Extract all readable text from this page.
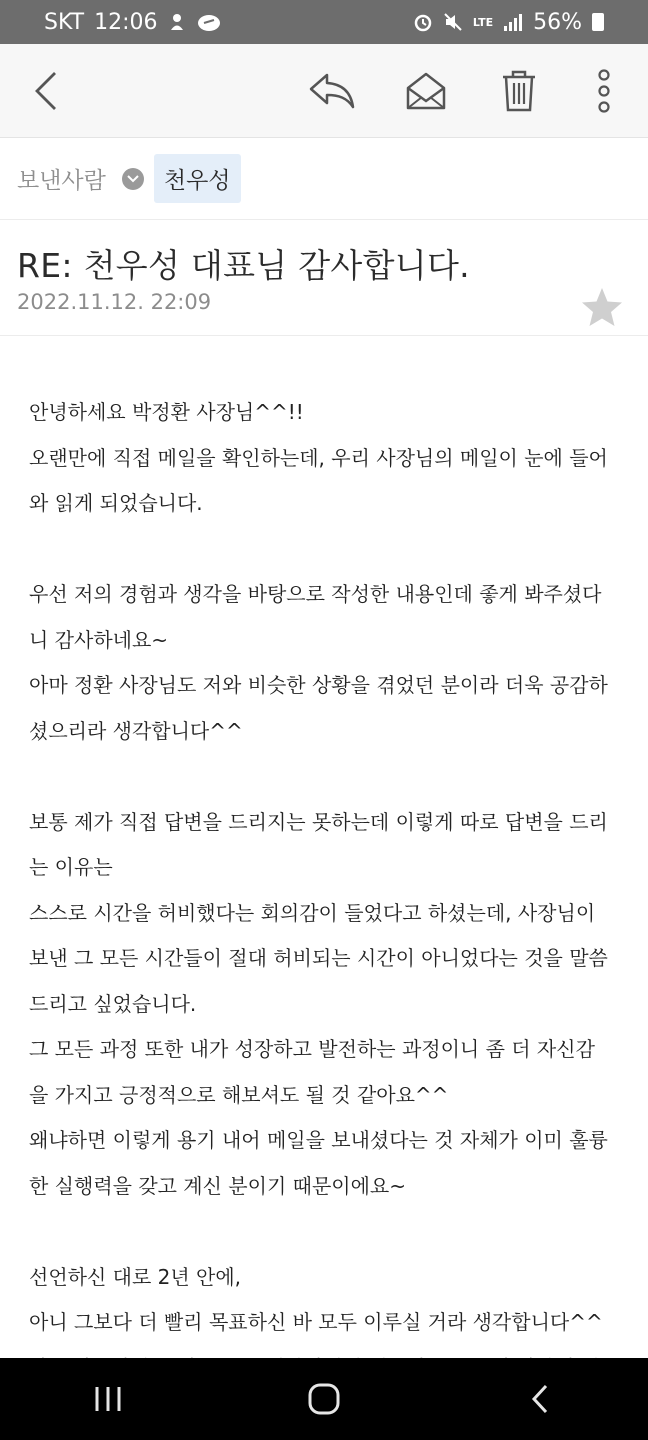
SKT 12:06	LTE 56%
보낸사람	천우성
RE: 천우성 대표님 감사합니다.
2022.11.12. 22:09

안녕하세요 박정환 사장님^^!!

오랜만에 직접 메일을 확인하는데, 우리 사장님의 메일이 눈에 들어

와 읽게 되었습니다.

우선 저의 경험과 생각을 바탕으로 작성한 내용인데 좋게 봐주셨다

니 감사하네요~

아마 정환 사장님도 저와 비슷한 상황을 겪었던 분이라 더욱 공감하

셨으리라 생각합니다^^

보통 제가 직접 답변을 드리지는 못하는데 이렇게 따로 답변을 드리

는 이유는

스스로 시간을 허비했다는 회의감이 들었다고 하셨는데, 사장님이

보낸 그 모든 시간들이 절대 허비되는 시간이 아니었다는 것을 말씀

드리고 싶었습니다.

그 모든 과정 또한 내가 성장하고 발전하는 과정이니 좀 더 자신감

을 가지고 긍정적으로 해보셔도 될 것 같아요^^

왜냐하면 이렇게 용기 내어 메일을 보내셨다는 것 자체가 이미 훌륭

한 실행력을 갖고 계신 분이기 때문이에요~

선언하신 대로 2년 안에,

아니 그보다 더 빨리 목표하신 바 모두 이루실 거라 생각합니다^^
